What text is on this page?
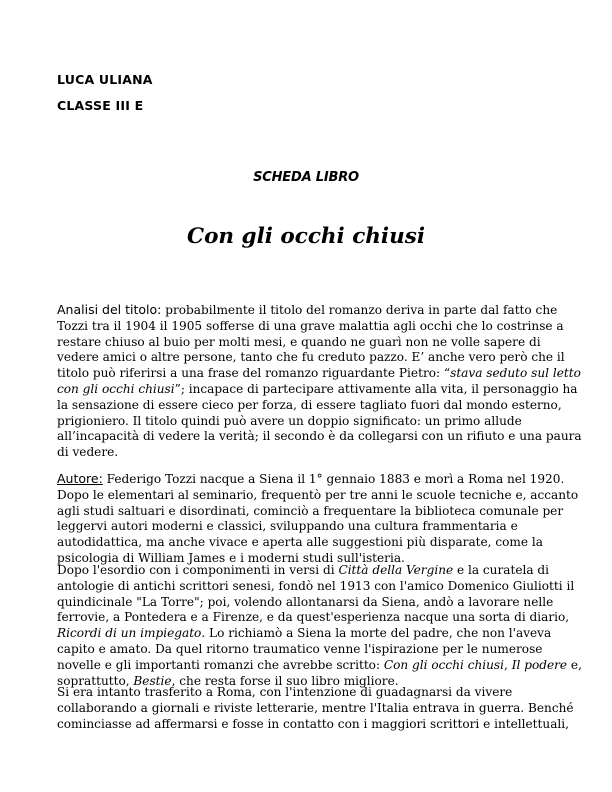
LUCA ULIANA
CLASSE III E
SCHEDA LIBRO
Con gli occhi chiusi
Analisi del titolo: probabilmente il titolo del romanzo deriva in parte dal fatto che
Tozzi tra il 1904 il 1905 sofferse di una grave malattia agli occhi che lo costrinse a
restare chiuso al buio per molti mesi, e quando ne guarì non ne volle sapere di
vedere amici o altre persone, tanto che fu creduto pazzo. E’ anche vero però che il
titolo può riferirsi a una frase del romanzo riguardante Pietro: “stava seduto sul letto
con gli occhi chiusi”; incapace di partecipare attivamente alla vita, il personaggio ha
la sensazione di essere cieco per forza, di essere tagliato fuori dal mondo esterno,
prigioniero. Il titolo quindi può avere un doppio significato: un primo allude
all’incapacità di vedere la verità; il secondo è da collegarsi con un rifiuto e una paura
di vedere.
Autore: Federigo Tozzi nacque a Siena il 1° gennaio 1883 e morì a Roma nel 1920.
Dopo le elementari al seminario, frequentò per tre anni le scuole tecniche e, accanto
agli studi saltuari e disordinati, cominciò a frequentare la biblioteca comunale per
leggervi autori moderni e classici, sviluppando una cultura frammentaria e
autodidattica, ma anche vivace e aperta alle suggestioni più disparate, come la
psicologia di William James e i moderni studi sull'isteria.
Dopo l'esordio con i componimenti in versi di Città della Vergine e la curatela di
antologie di antichi scrittori senesi, fondò nel 1913 con l'amico Domenico Giuliotti il
quindicinale "La Torre"; poi, volendo allontanarsi da Siena, andò a lavorare nelle
ferrovie, a Pontedera e a Firenze, e da quest'esperienza nacque una sorta di diario,
Ricordi di un impiegato. Lo richiamò a Siena la morte del padre, che non l'aveva
capito e amato. Da quel ritorno traumatico venne l'ispirazione per le numerose
novelle e gli importanti romanzi che avrebbe scritto: Con gli occhi chiusi, Il podere e,
soprattutto, Bestie, che resta forse il suo libro migliore.
Si era intanto trasferito a Roma, con l'intenzione di guadagnarsi da vivere
collaborando a giornali e riviste letterarie, mentre l'Italia entrava in guerra. Benché
cominciasse ad affermarsi e fosse in contatto con i maggiori scrittori e intellettuali,
